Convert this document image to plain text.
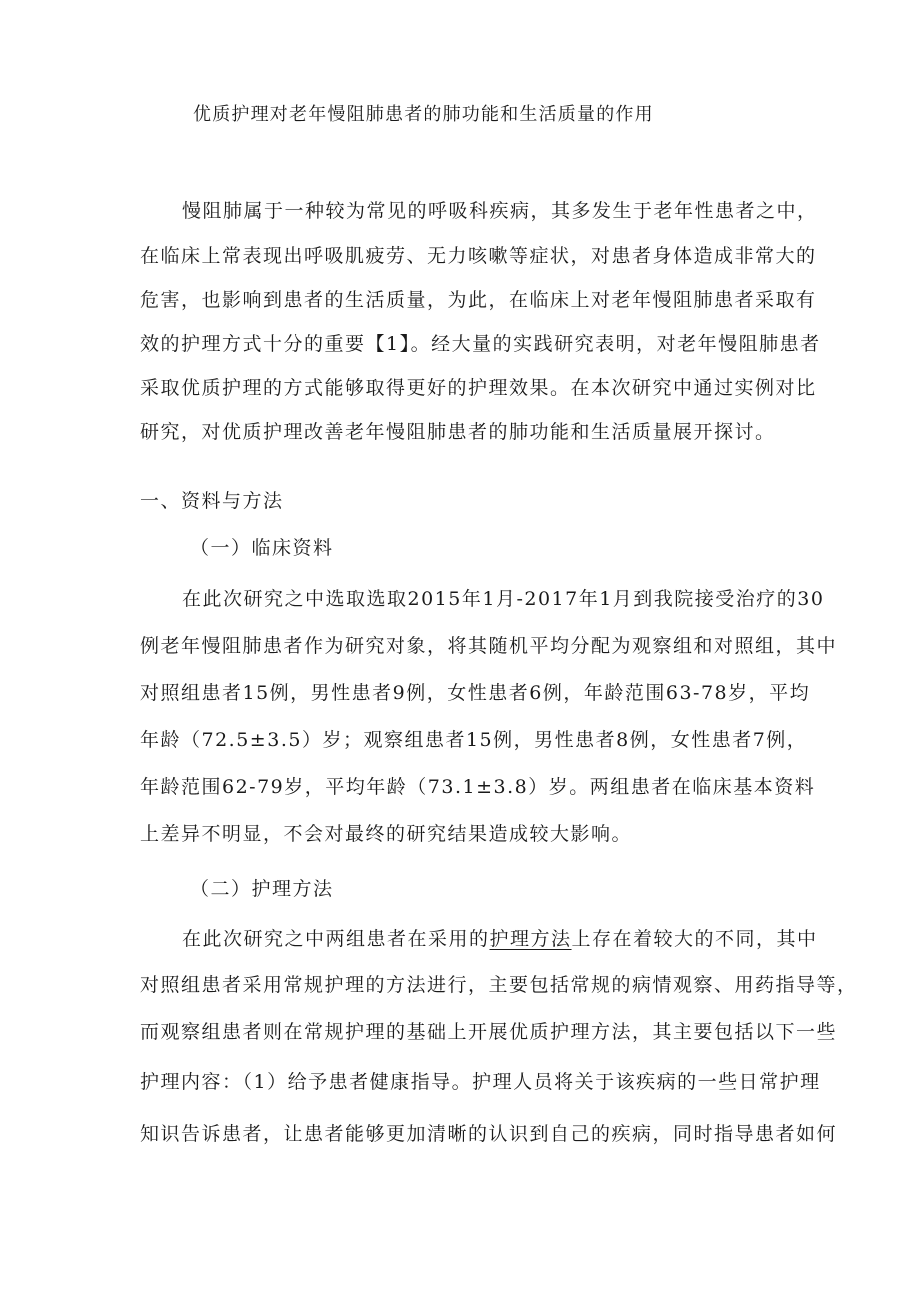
优质护理对老年慢阻肺患者的肺功能和生活质量的作用
慢阻肺属于一种较为常见的呼吸科疾病，其多发生于老年性患者之中，
在临床上常表现出呼吸肌疲劳、无力咳嗽等症状，对患者身体造成非常大的
危害，也影响到患者的生活质量，为此，在临床上对老年慢阻肺患者采取有
效的护理方式十分的重要【1】。经大量的实践研究表明，对老年慢阻肺患者
采取优质护理的方式能够取得更好的护理效果。在本次研究中通过实例对比
研究，对优质护理改善老年慢阻肺患者的肺功能和生活质量展开探讨。
一、资料与方法
（一）临床资料
在此次研究之中选取选取2015年1月-2017年1月到我院接受治疗的30
例老年慢阻肺患者作为研究对象，将其随机平均分配为观察组和对照组，其中
对照组患者15例，男性患者9例，女性患者6例，年龄范围63-78岁，平均
年龄（72.5±3.5）岁；观察组患者15例，男性患者8例，女性患者7例，
年龄范围62-79岁，平均年龄（73.1±3.8）岁。两组患者在临床基本资料
上差异不明显，不会对最终的研究结果造成较大影响。
（二）护理方法
在此次研究之中两组患者在采用的护理方法上存在着较大的不同，其中
对照组患者采用常规护理的方法进行，主要包括常规的病情观察、用药指导等，
而观察组患者则在常规护理的基础上开展优质护理方法，其主要包括以下一些
护理内容：（1）给予患者健康指导。护理人员将关于该疾病的一些日常护理
知识告诉患者，让患者能够更加清晰的认识到自己的疾病，同时指导患者如何
